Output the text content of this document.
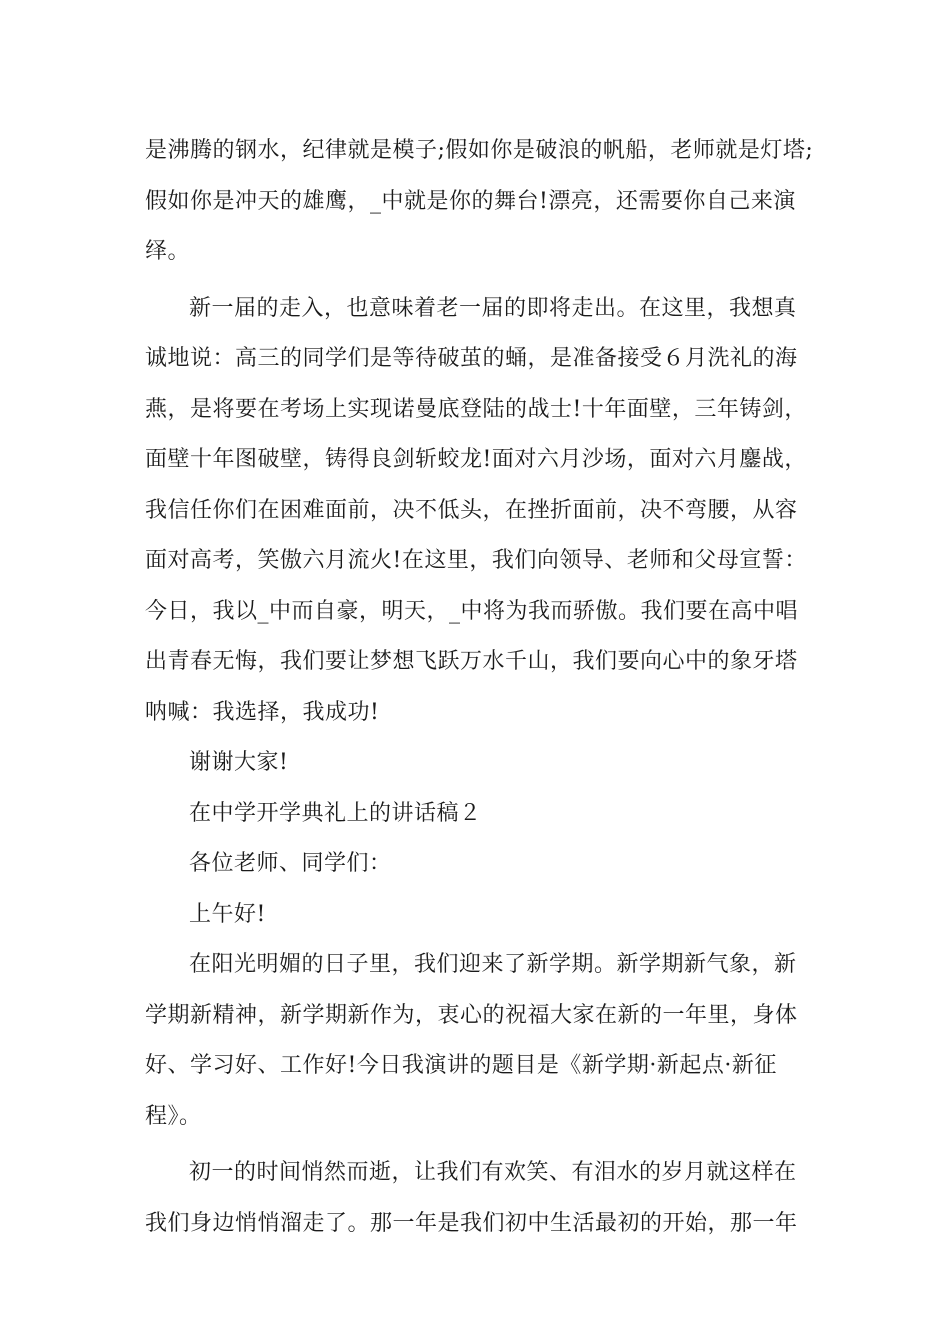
是沸腾的钢水，纪律就是模子;假如你是破浪的帆船，老师就是灯塔;
假如你是冲天的雄鹰，_中就是你的舞台!漂亮，还需要你自己来演
绎。
新一届的走入，也意味着老一届的即将走出。在这里，我想真
诚地说：高三的同学们是等待破茧的蛹，是准备接受６月洗礼的海
燕，是将要在考场上实现诺曼底登陆的战士!十年面壁，三年铸剑，
面壁十年图破壁，铸得良剑斩蛟龙!面对六月沙场，面对六月鏖战，
我信任你们在困难面前，决不低头，在挫折面前，决不弯腰，从容
面对高考，笑傲六月流火!在这里，我们向领导、老师和父母宣誓：
今日，我以_中而自豪，明天，_中将为我而骄傲。我们要在高中唱
出青春无悔，我们要让梦想飞跃万水千山，我们要向心中的象牙塔
呐喊：我选择，我成功!
谢谢大家!
在中学开学典礼上的讲话稿２
各位老师、同学们：
上午好!
在阳光明媚的日子里，我们迎来了新学期。新学期新气象，新
学期新精神，新学期新作为，衷心的祝福大家在新的一年里，身体
好、学习好、工作好!今日我演讲的题目是《新学期·新起点·新征
程》。
初一的时间悄然而逝，让我们有欢笑、有泪水的岁月就这样在
我们身边悄悄溜走了。那一年是我们初中生活最初的开始，那一年
